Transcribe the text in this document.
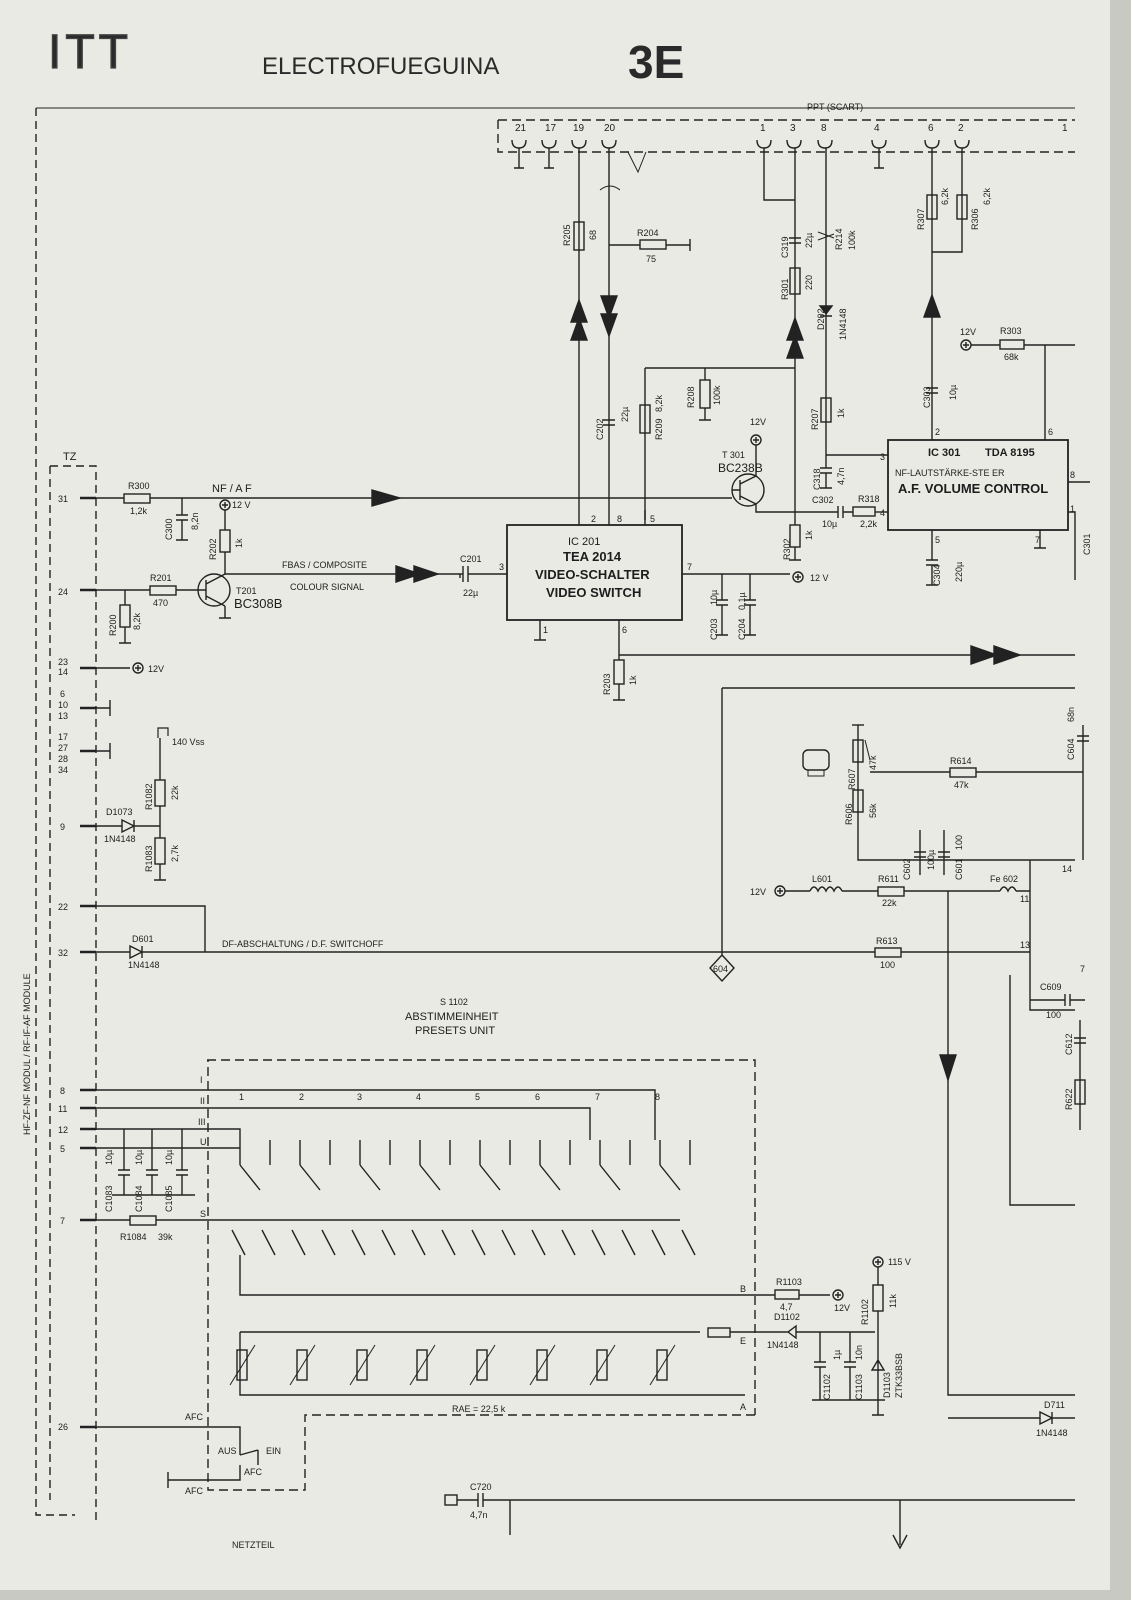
ITT	ELECTROFUEGUINA	3E
PPT (SCART)
21 17 19 20	1 3	8	4	6 2	1
R205 68	R204
75
C202
22µ
R209
8,2k R208 100k
C319 22µ
R301 220
R214 100k
D202 1N4148
R207 1k
C318 4,7n
R307
6,2k
R306
6,2k
C303 10µ
12V	R303
68k
IC 301 TDA 8195
NF-LAUTSTÄRKE-STE ER
A.F. VOLUME CONTROL
2	6
3
8
4	1
5	7
C304 220µ
C301
12V
T 301
BC238B
R302
1k
C302
10µ
R318
2,2k
TZ
HF-ZF-NF MODUL / RF-IF-AF MODULE
31
24
23
14
6
10
13
17
27
28
34
9
22
32
8
11
12
5
7
26
R300
1,2k
NF / A F
C300 8,2n
12 V
R202 1k
R201
470
R200 8,2k
T201
BC308B
FBAS / COMPOSITE
COLOUR SIGNAL
C201
22µ
IC 201
TEA 2014
VIDEO-SCHALTER
VIDEO SWITCH
2 8	5
3	7
1	6
12 V
C203
10µ
C204
0,1µ
R203 1k
12V
140 Vss
R1082 22k
D1073
1N4148
R1083 2,7k
D601
1N4148
DF-ABSCHALTUNG / D.F. SWITCHOFF	R613
100
604
R607
47k
R606 56k
R614
47k
C604
68n
C602 100µ C601
100
12V
L601	R611
22k
Fe 602
14
11
13
7
C609
100
C612
R622
S 1102
ABSTIMMEINHEIT
PRESETS UNIT
I
II
III
U
S
1	2	3	4	5	6	7	8
R1084 39k
B
E
A
RAE = 22,5 k
R1103
4,7	12V
D1102
1N4148
C1102
1µ
C1103
10n
115 V
R1102 11k
D1103 ZTK33BSB
C1083
10µ
C1084
10µ
C1085
10µ
AFC
AUS	EIN
AFC
AFC
D711
1N4148
C720
4,7n
NETZTEIL
